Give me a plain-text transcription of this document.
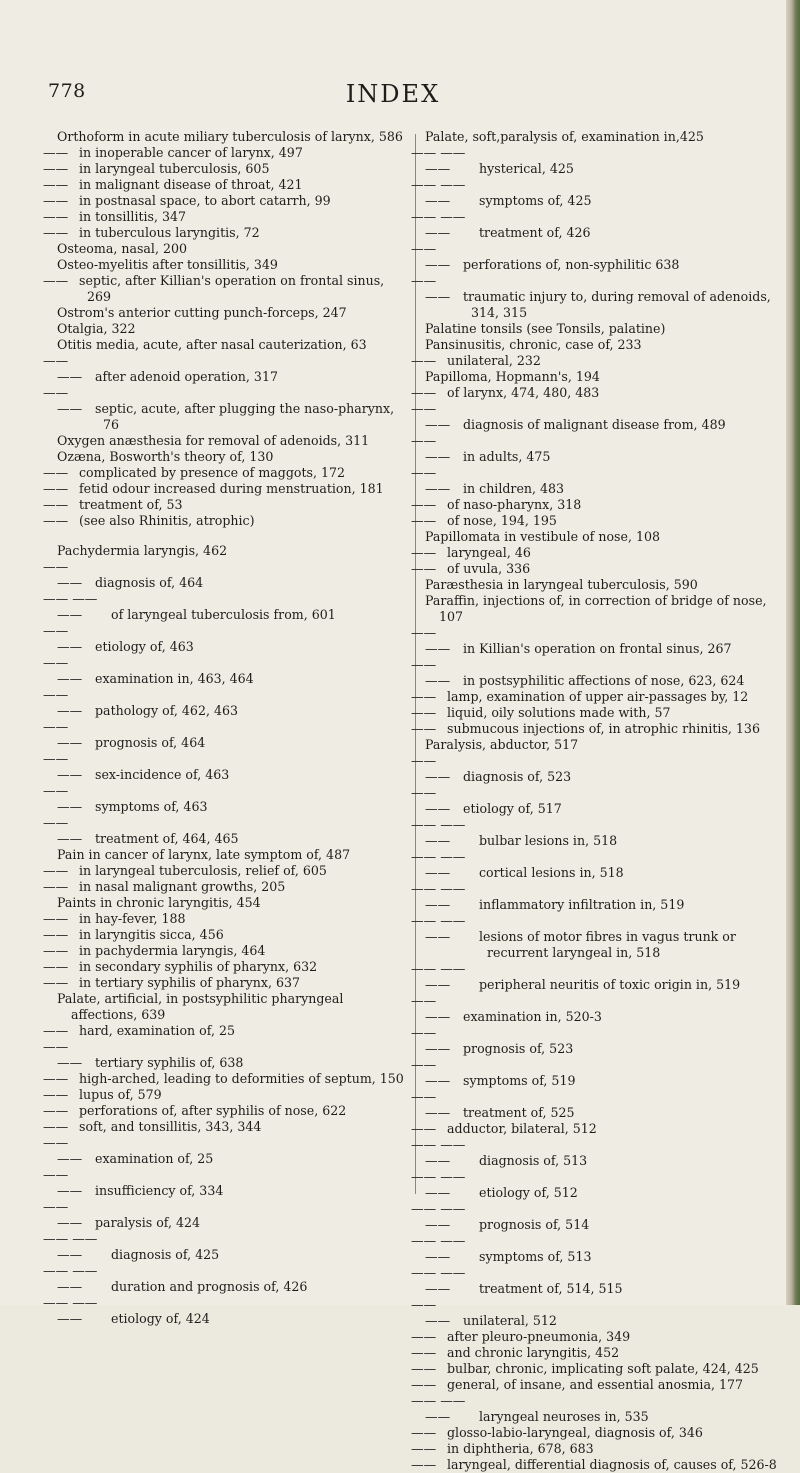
778	INDEX

Orthoform in acute miliary tuberculosis of larynx, 586

—— in inoperable cancer of larynx, 497

—— in laryngeal tuberculosis, 605

—— in malignant disease of throat, 421

—— in postnasal space, to abort catarrh, 99

—— in tonsillitis, 347

—— in tuberculous laryngitis, 72

Osteoma, nasal, 200

Osteo-myelitis after tonsillitis, 349

—— septic, after Killian's operation on frontal sinus, 269

Ostrom's anterior cutting punch-forceps, 247

Otalgia, 322

Otitis media, acute, after nasal cauterization, 63

—— —— after adenoid operation, 317

—— —— septic, acute, after plugging the naso-pharynx, 76

Oxygen anæsthesia for removal of adenoids, 311

Ozæna, Bosworth's theory of, 130

—— complicated by presence of maggots, 172

—— fetid odour increased during menstruation, 181

—— treatment of, 53

—— (see also Rhinitis, atrophic)

Pachydermia laryngis, 462

—— —— diagnosis of, 464

—— —— —— of laryngeal tuberculosis from, 601

—— —— etiology of, 463

—— —— examination in, 463, 464

—— —— pathology of, 462, 463

—— —— prognosis of, 464

—— —— sex-incidence of, 463

—— —— symptoms of, 463

—— —— treatment of, 464, 465

Pain in cancer of larynx, late symptom of, 487

—— in laryngeal tuberculosis, relief of, 605

—— in nasal malignant growths, 205

Paints in chronic laryngitis, 454

—— in hay-fever, 188

—— in laryngitis sicca, 456

—— in pachydermia laryngis, 464

—— in secondary syphilis of pharynx, 632

—— in tertiary syphilis of pharynx, 637

Palate, artificial, in postsyphilitic pharyngeal affections, 639

—— hard, examination of, 25

—— —— tertiary syphilis of, 638

—— high-arched, leading to deformities of septum, 150

—— lupus of, 579

—— perforations of, after syphilis of nose, 622

—— soft, and tonsillitis, 343, 344

—— —— examination of, 25

—— —— insufficiency of, 334

—— —— paralysis of, 424

—— —— —— diagnosis of, 425

—— —— —— duration and prognosis of, 426

—— —— —— etiology of, 424

Palate, soft,paralysis of, examination in,425

—— —— —— hysterical, 425

—— —— —— symptoms of, 425

—— —— —— treatment of, 426

—— —— perforations of, non-syphilitic 638

—— —— traumatic injury to, during removal of adenoids, 314, 315

Palatine tonsils (see Tonsils, palatine)

Pansinusitis, chronic, case of, 233

—— unilateral, 232

Papilloma, Hopmann's, 194

—— of larynx, 474, 480, 483

—— —— diagnosis of malignant disease from, 489

—— —— in adults, 475

—— —— in children, 483

—— of naso-pharynx, 318

—— of nose, 194, 195

Papillomata in vestibule of nose, 108

—— laryngeal, 46

—— of uvula, 336

Paræsthesia in laryngeal tuberculosis, 590

Paraffin, injections of, in correction of bridge of nose, 107

—— —— in Killian's operation on frontal sinus, 267

—— —— in postsyphilitic affections of nose, 623, 624

—— lamp, examination of upper air-passages by, 12

—— liquid, oily solutions made with, 57

—— submucous injections of, in atrophic rhinitis, 136

Paralysis, abductor, 517

—— —— diagnosis of, 523

—— —— etiology of, 517

—— —— —— bulbar lesions in, 518

—— —— —— cortical lesions in, 518

—— —— —— inflammatory infiltration in, 519

—— —— —— lesions of motor fibres in vagus trunk or recurrent laryngeal in, 518

—— —— —— peripheral neuritis of toxic origin in, 519

—— —— examination in, 520-3

—— —— prognosis of, 523

—— —— symptoms of, 519

—— —— treatment of, 525

—— adductor, bilateral, 512

—— —— —— diagnosis of, 513

—— —— —— etiology of, 512

—— —— —— prognosis of, 514

—— —— —— symptoms of, 513

—— —— —— treatment of, 514, 515

—— —— unilateral, 512

—— after pleuro-pneumonia, 349

—— and chronic laryngitis, 452

—— bulbar, chronic, implicating soft palate, 424, 425

—— general, of insane, and essential anosmia, 177

—— —— —— laryngeal neuroses in, 535

—— glosso-labio-laryngeal, diagnosis of, 346

—— in diphtheria, 678, 683

—— laryngeal, differential diagnosis of, causes of, 526-8
